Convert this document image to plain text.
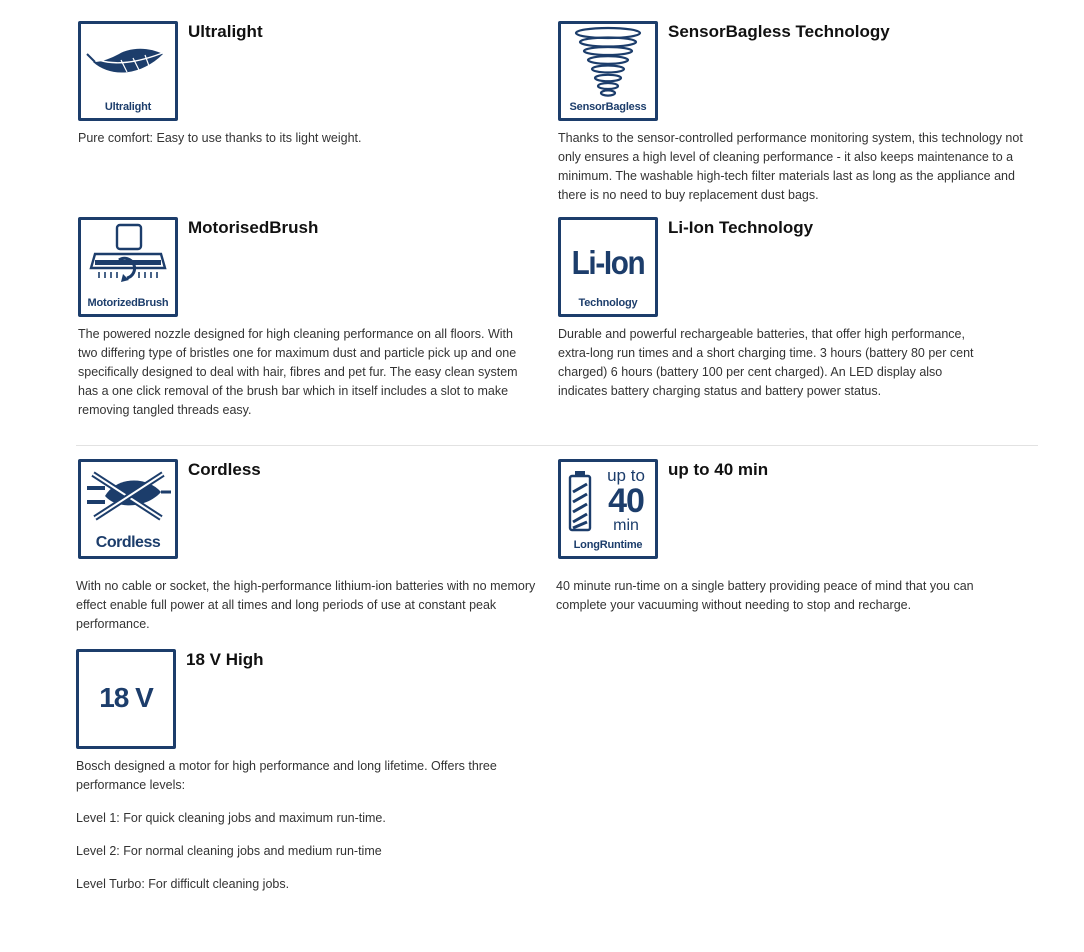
Ultralight
Ultralight

Pure comfort: Easy to use thanks to its light weight.

SensorBagless
SensorBagless Technology

Thanks to the sensor-controlled performance monitoring system, this technology not only ensures a high level of cleaning performance - it also keeps maintenance to a minimum. The washable high-tech filter materials last as long as the appliance and there is no need to buy replacement dust bags.

MotorizedBrush
MotorisedBrush

The powered nozzle designed for high cleaning performance on all floors. With two differing type of bristles one for maximum dust and particle pick up and one specifically designed to deal with hair, fibres and pet fur. The easy clean system has a one click removal of the brush bar which in itself includes a slot to make removing tangled threads easy.

Li-Ion
Technology
Li-Ion Technology

Durable and powerful rechargeable batteries, that offer high performance, extra-long run times and a short charging time. 3 hours (battery 80 per cent charged) 6 hours (battery 100 per cent charged). An LED display also indicates battery charging status and battery power status.

Cordless
Cordless

With no cable or socket, the high-performance lithium-ion batteries with no memory effect enable full power at all times and long periods of use at constant peak performance.

up to
40
min
LongRuntime
up to 40 min

40 minute run-time on a single battery providing peace of mind that you can complete your vacuuming without needing to stop and recharge.

18 V
18 V High

Bosch designed a motor for high performance and long lifetime. Offers three performance levels:

Level 1: For quick cleaning jobs and maximum run-time.

Level 2: For normal cleaning jobs and medium run-time

Level Turbo: For difficult cleaning jobs.
